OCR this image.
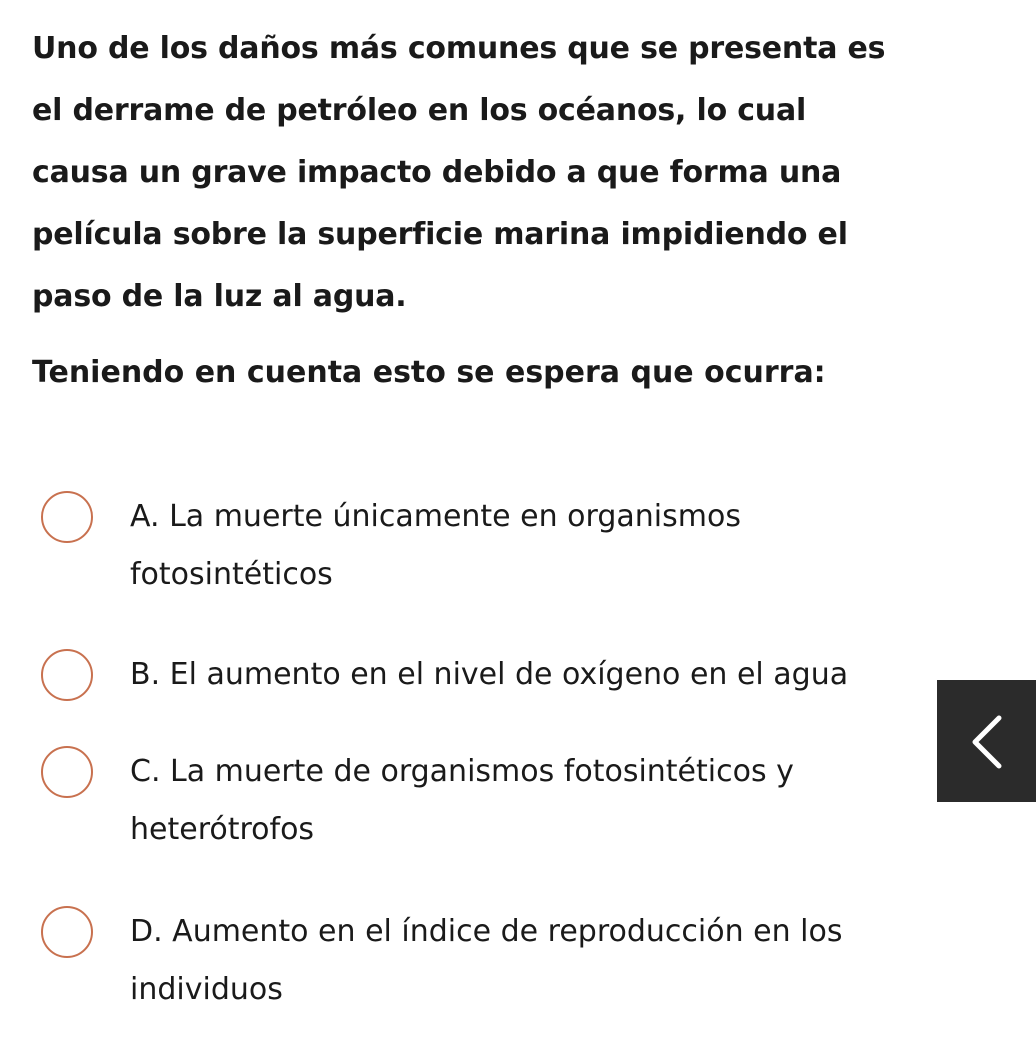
Uno de los daños más comunes que se presenta es
el derrame de petróleo en los océanos, lo cual
causa un grave impacto debido a que forma una
película sobre la superficie marina impidiendo el
paso de la luz al agua.

Teniendo en cuenta esto se espera que ocurra:

A. La muerte únicamente en organismos
fotosintéticos
B. El aumento en el nivel de oxígeno en el agua
C. La muerte de organismos fotosintéticos y
heterótrofos
D. Aumento en el índice de reproducción en los
individuos
